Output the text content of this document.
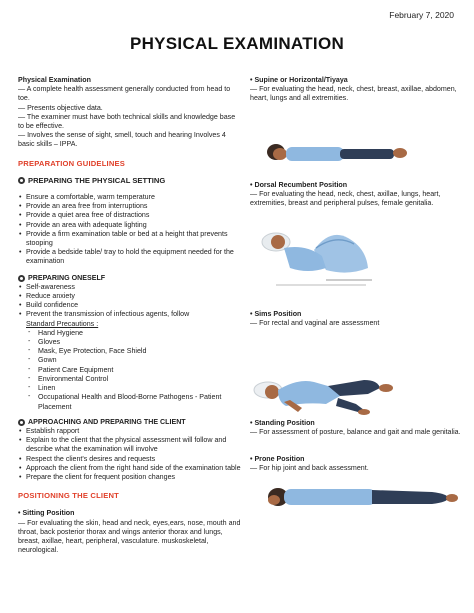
February 7, 2020
PHYSICAL EXAMINATION
Physical Examination
— A complete health assessment generally conducted from head to toe.
— Presents objective data.
— The examiner must have both technical skills and knowledge base to be effective.
— Involves the sense of sight, smell, touch and hearing Involves 4 basic skills – IPPA.
PREPARATION GUIDELINES
PREPARING THE PHYSICAL SETTING
• Ensure a comfortable, warm temperature
• Provide an area free from interruptions
• Provide a quiet area free of distractions
• Provide an area with adequate lighting
• Provide a firm examination table or bed at a height that prevents stooping
• Provide a bedside table/ tray to hold the equipment needed for the examination
PREPARING ONESELF
• Self-awareness
• Reduce anxiety
• Build confidence
• Prevent the transmission of infectious agents, follow
Standard Precautions :
- Hand Hygiene
- Gloves
- Mask, Eye Protection, Face Shield
- Gown
- Patient Care Equipment
- Environmental Control
- Linen
- Occupational Health and Blood-Borne Pathogens - Patient Placement
APPROACHING AND PREPARING THE CLIENT
• Establish rapport
• Explain to the client that the physical assessment will follow and describe what the examination will involve
• Respect the client's desires and requests
• Approach the client from the right hand side of the examination table
• Prepare the client for frequent position changes
POSITIONING THE CLIENT
• Sitting Position
— For evaluating the skin, head and neck, eyes,ears, nose, mouth and throat, back posterior thorax and wings anterior thorax and lungs, breast, axillae, heart, peripheral, vasculature. muskoskeletal, neurological.
• Supine or Horizontal/Tiyaya
— For evaluating the head, neck, chest, breast, axillae, abdomen, heart, lungs and all extremities.
• Dorsal Recumbent Position
— For evaluating the head, neck, chest, axillae, lungs, heart, extremities, breast and peripheral pulses, female genitalia.
• Sims Position
— For rectal and vaginal are assessment
• Standing Position
— For assessment of posture, balance and gait and male genitalia.
• Prone Position
— For hip joint and back assessment.
